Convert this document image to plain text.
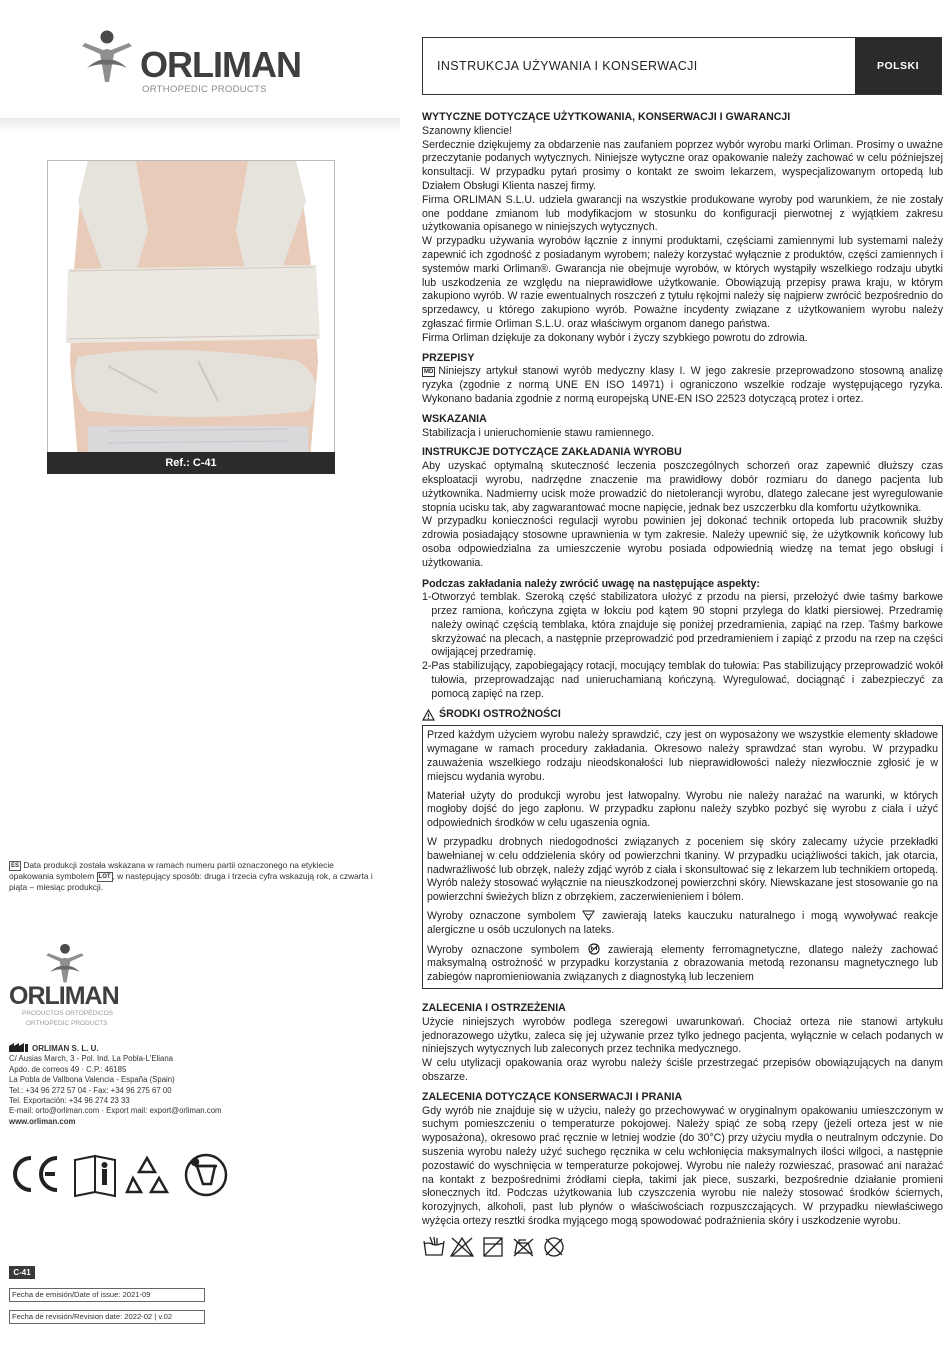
ORLIMAN
ORTHOPEDIC PRODUCTS
Ref.: C-41
ES Data produkcji została wskazana w ramach numeru partii oznaczonego na etykiecie opakowania symbolem LOT , w następujący sposób: druga i trzecia cyfra wskazują rok, a czwarta i piąta – miesiąc produkcji.
ORLIMAN
PRODUCTOS ORTOPÉDICOS
ORTHOPEDIC PRODUCTS
ORLIMAN S. L. U.
C/ Ausias March, 3 - Pol. Ind. La Pobla-L'Eliana
Apdo. de correos 49 · C.P.: 46185
La Pobla de Vallbona Valencia - España (Spain)
Tel.: +34 96 272 57 04 - Fax: +34 96 275 67 00
Tel. Exportación: +34 96 274 23 33
E-mail: orto@orliman.com · Export mail: export@orliman.com
www.orliman.com
C-41
Fecha de emisión/Date of issue: 2021-09
Fecha de revisión/Revision date: 2022-02 | v.02
INSTRUKCJA UŻYWANIA I KONSERWACJI	POLSKI
WYTYCZNE DOTYCZĄCE UŻYTKOWANIA, KONSERWACJI I GWARANCJI

Szanowny kliencie!

Serdecznie dziękujemy za obdarzenie nas zaufaniem poprzez wybór wyrobu marki Orliman. Prosimy o uważne przeczytanie podanych wytycznych. Niniejsze wytyczne oraz opakowanie należy zachować w celu późniejszej konsultacji. W przypadku pytań prosimy o kontakt ze swoim lekarzem, wyspecjalizowanym ortopedą lub Działem Obsługi Klienta naszej firmy.

Firma ORLIMAN S.L.U. udziela gwarancji na wszystkie produkowane wyroby pod warunkiem, że nie zostały one poddane zmianom lub modyfikacjom w stosunku do konfiguracji pierwotnej z wyjątkiem zakresu użytkowania opisanego w niniejszych wytycznych.

W przypadku używania wyrobów łącznie z innymi produktami, częściami zamiennymi lub systemami należy zapewnić ich zgodność z posiadanym wyrobem; należy korzystać wyłącznie z produktów, części zamiennych i systemów marki Orliman®. Gwarancja nie obejmuje wyrobów, w których wystąpiły wszelkiego rodzaju ubytki lub uszkodzenia ze względu na nieprawidłowe użytkowanie. Obowiązują przepisy prawa kraju, w którym zakupiono wyrób. W razie ewentualnych roszczeń z tytułu rękojmi należy się najpierw zwrócić bezpośrednio do sprzedawcy, u którego zakupiono wyrób. Poważne incydenty związane z użytkowaniem wyrobu należy zgłaszać firmie Orliman S.L.U. oraz właściwym organom danego państwa.

Firma Orliman dziękuje za dokonany wybór i życzy szybkiego powrotu do zdrowia.

PRZEPISY

MD Niniejszy artykuł stanowi wyrób medyczny klasy I. W jego zakresie przeprowadzono stosowną analizę ryzyka (zgodnie z normą UNE EN ISO 14971) i ograniczono wszelkie rodzaje występującego ryzyka. Wykonano badania zgodnie z normą europejską UNE-EN ISO 22523 dotyczącą protez i ortez.

WSKAZANIA

Stabilizacja i unieruchomienie stawu ramiennego.

INSTRUKCJE DOTYCZĄCE ZAKŁADANIA WYROBU

Aby uzyskać optymalną skuteczność leczenia poszczególnych schorzeń oraz zapewnić dłuższy czas eksploatacji wyrobu, nadrzędne znaczenie ma prawidłowy dobór rozmiaru do danego pacjenta lub użytkownika. Nadmierny ucisk może prowadzić do nietolerancji wyrobu, dlatego zalecane jest wyregulowanie stopnia ucisku tak, aby zagwarantować mocne napięcie, jednak bez uszczerbku dla komfortu użytkownika.

W przypadku konieczności regulacji wyrobu powinien jej dokonać technik ortopeda lub pracownik służby zdrowia posiadający stosowne uprawnienia w tym zakresie. Należy upewnić się, że użytkownik końcowy lub osoba odpowiedzialna za umieszczenie wyrobu posiada odpowiednią wiedzę na temat jego obsługi i użytkowania.

Podczas zakładania należy zwrócić uwagę na następujące aspekty:
1- Otworzyć temblak. Szeroką część stabilizatora ułożyć z przodu na piersi, przełożyć dwie taśmy barkowe przez ramiona, kończyna zgięta w łokciu pod kątem 90 stopni przylega do klatki piersiowej. Przedramię należy owinąć częścią temblaka, która znajduje się poniżej przedramienia, zapiąć na rzep. Taśmy barkowe skrzyżować na plecach, a następnie przeprowadzić pod przedramieniem i zapiąć z przodu na rzep na części owijającej przedramię.
2- Pas stabilizujący, zapobiegający rotacji, mocujący temblak do tułowia: Pas stabilizujący przeprowadzić wokół tułowia, przeprowadzając nad unieruchamianą kończyną. Wyregulować, dociągnąć i zabezpieczyć za pomocą zapięć na rzep.
ŚRODKI OSTROŻNOŚCI

Przed każdym użyciem wyrobu należy sprawdzić, czy jest on wyposażony we wszystkie elementy składowe wymagane w ramach procedury zakładania. Okresowo należy sprawdzać stan wyrobu. W przypadku zauważenia wszelkiego rodzaju nieodskonałości lub nieprawidłowości należy niezwłocznie zgłosić je w miejscu wydania wyrobu.

Materiał użyty do produkcji wyrobu jest łatwopalny. Wyrobu nie należy narażać na warunki, w których mogłoby dojść do jego zapłonu. W przypadku zapłonu należy szybko pozbyć się wyrobu z ciała i użyć odpowiednich środków w celu ugaszenia ognia.

W przypadku drobnych niedogodności związanych z poceniem się skóry zalecamy użycie przekładki bawełnianej w celu oddzielenia skóry od powierzchni tkaniny. W przypadku uciążliwości takich, jak otarcia, nadwrażliwość lub obrzęk, należy zdjąć wyrób z ciała i skonsultować się z lekarzem lub technikiem ortopedą. Wyrób należy stosować wyłącznie na nieuszkodzonej powierzchni skóry. Niewskazane jest stosowanie go na powierzchni świeżych blizn z obrzękiem, zaczerwienieniem i bólem.

Wyroby oznaczone symbolem zawierają lateks kauczuku naturalnego i mogą wywoływać reakcje alergiczne u osób uczulonych na lateks.

Wyroby oznaczone symbolem	zawierają elementy ferromagnetyczne, dlatego należy zachować maksymalną ostrożność w przypadku korzystania z obrazowania metodą rezonansu magnetycznego lub zabiegów napromieniowania związanych z diagnostyką lub leczeniem

ZALECENIA I OSTRZEŻENIA

Użycie niniejszych wyrobów podlega szeregowi uwarunkowań. Chociaż orteza nie stanowi artykułu jednorazowego użytku, zaleca się jej używanie przez tylko jednego pacjenta, wyłącznie w celach podanych w niniejszych wytycznych lub zaleconych przez technika medycznego.

W celu utylizacji opakowania oraz wyrobu należy ściśle przestrzegać przepisów obowiązujących na danym obszarze.

ZALECENIA DOTYCZĄCE KONSERWACJI I PRANIA

Gdy wyrób nie znajduje się w użyciu, należy go przechowywać w oryginalnym opakowaniu umieszczonym w suchym pomieszczeniu o temperaturze pokojowej. Należy spiąć ze sobą rzepy (jeżeli orteza jest w nie wyposażona), okresowo prać ręcznie w letniej wodzie (do 30°C) przy użyciu mydła o neutralnym odczynie. Do suszenia wyrobu należy użyć suchego ręcznika w celu wchłonięcia maksymalnych ilości wilgoci, a następnie pozostawić do wyschnięcia w temperaturze pokojowej. Wyrobu nie należy rozwieszać, prasować ani narażać na kontakt z bezpośrednimi źródłami ciepła, takimi jak piece, suszarki, bezpośrednie działanie promieni słonecznych itd. Podczas użytkowania lub czyszczenia wyrobu nie należy stosować środków ściernych, korozyjnych, alkoholi, past lub płynów o właściwościach rozpuszczających. W przypadku niewłaściwego wyżęcia ortezy resztki środka myjącego mogą spowodować podrażnienia skóry i uszkodzenie wyrobu.
